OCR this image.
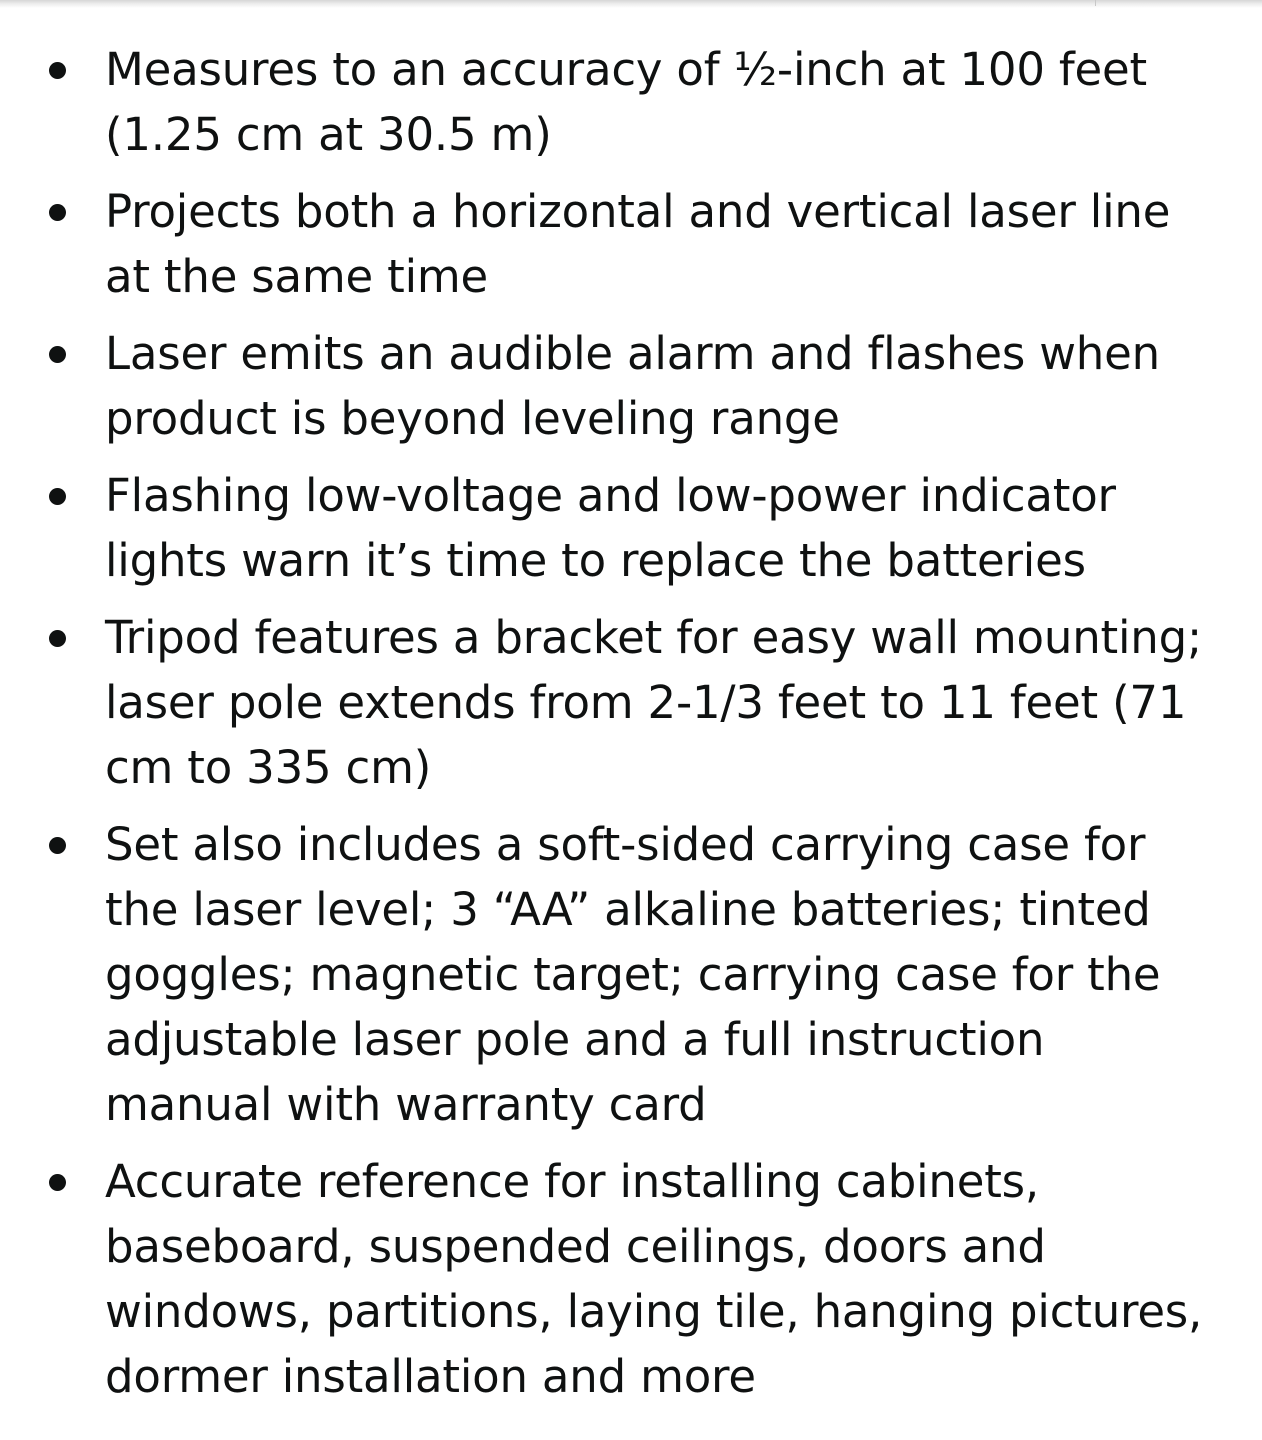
Measures to an accuracy of ½-inch at 100 feet (1.25 cm at 30.5 m)
Projects both a horizontal and vertical laser line at the same time
Laser emits an audible alarm and flashes when product is beyond leveling range
Flashing low-voltage and low-power indicator lights warn it’s time to replace the batteries
Tripod features a bracket for easy wall mounting; laser pole extends from 2-1/3 feet to 11 feet (71 cm to 335 cm)
Set also includes a soft-sided carrying case for the laser level; 3 “AA” alkaline batteries; tinted goggles; magnetic target; carrying case for the adjustable laser pole and a full instruction manual with warranty card
Accurate reference for installing cabinets, baseboard, suspended ceilings, doors and windows, partitions, laying tile, hanging pictures, dormer installation and more
